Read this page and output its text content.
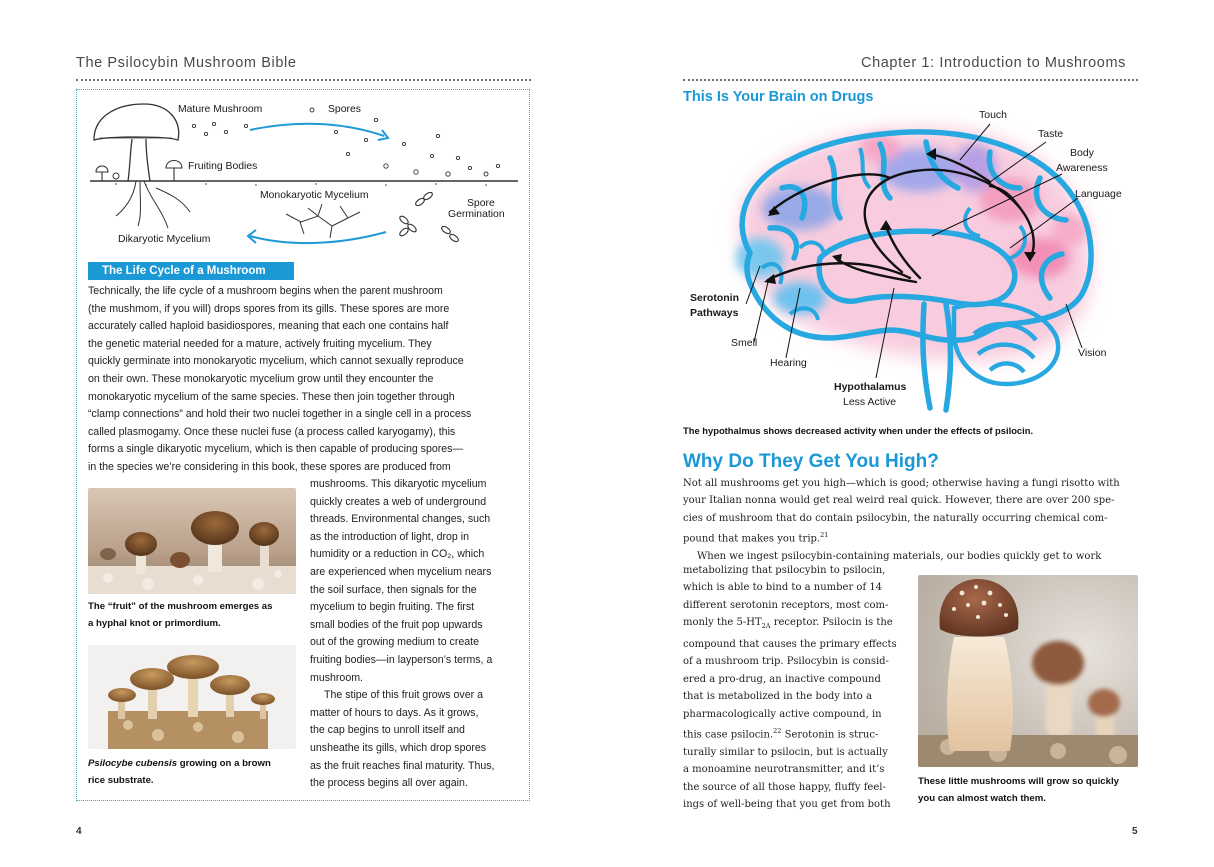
The Psilocybin Mushroom Bible
Mature Mushroom	Spores
Fruiting Bodies
Monokaryotic Mycelium
Spore
Germination
Dikaryotic Mycelium
The Life Cycle of a Mushroom

Technically, the life cycle of a mushroom begins when the parent mushroom

(the mushmom, if you will) drops spores from its gills. These spores are more

accurately called haploid basidiospores, meaning that each one contains half

the genetic material needed for a mature, actively fruiting mycelium. They

quickly germinate into monokaryotic mycelium, which cannot sexually reproduce

on their own. These monokaryotic mycelium grow until they encounter the

monokaryotic mycelium of the same species. These then join together through

“clamp connections” and hold their two nuclei together in a single cell in a process

called plasmogamy. Once these nuclei fuse (a process called karyogamy), this

forms a single dikaryotic mycelium, which is then capable of producing spores—

in the species we’re considering in this book, these spores are produced from

The “fruit” of the mushroom emerges as
a hyphal knot or primordium.
Psilocybe cubensis growing on a brown
rice substrate.

mushrooms. This dikaryotic mycelium

quickly creates a web of underground

threads. Environmental changes, such

as the introduction of light, drop in

humidity or a reduction in CO₂, which

are experienced when mycelium nears

the soil surface, then signals for the

mycelium to begin fruiting. The first

small bodies of the fruit pop upwards

out of the growing medium to create

fruiting bodies—in layperson’s terms, a

mushroom.

The stipe of this fruit grows over a

matter of hours to days. As it grows,

the cap begins to unroll itself and

unsheathe its gills, which drop spores

as the fruit reaches final maturity. Thus,

the process begins all over again.

4
Chapter 1: Introduction to Mushrooms
This Is Your Brain on Drugs
Touch
Taste
Body
Awareness
Language
Serotonin
Pathways
Smell
Hearing
Vision
Hypothalamus
Less Active
The hypothalmus shows decreased activity when under the effects of psilocin.
Why Do They Get You High?

Not all mushrooms get you high—which is good; otherwise having a fungi risotto with

your Italian nonna would get real weird real quick. However, there are over 200 spe-

cies of mushroom that do contain psilocybin, the naturally occurring chemical com-

pound that makes you trip.$^{21}$

When we ingest psilocybin-containing materials, our bodies quickly get to work

metabolizing that psilocybin to psilocin,

which is able to bind to a number of 14

different serotonin receptors, most com-

monly the $5-HT_{2A}$ receptor. Psilocin is the

compound that causes the primary effects

of a mushroom trip. Psilocybin is consid-

ered a pro-drug, an inactive compound

that is metabolized in the body into a

pharmacologically active compound, in

this case psilocin.$^{22}$ Serotonin is struc-

turally similar to psilocin, but is actually

a monoamine neurotransmitter, and it’s

the source of all those happy, fluffy feel-

ings of well-being that you get from both

These little mushrooms will grow so quickly
you can almost watch them.
5
